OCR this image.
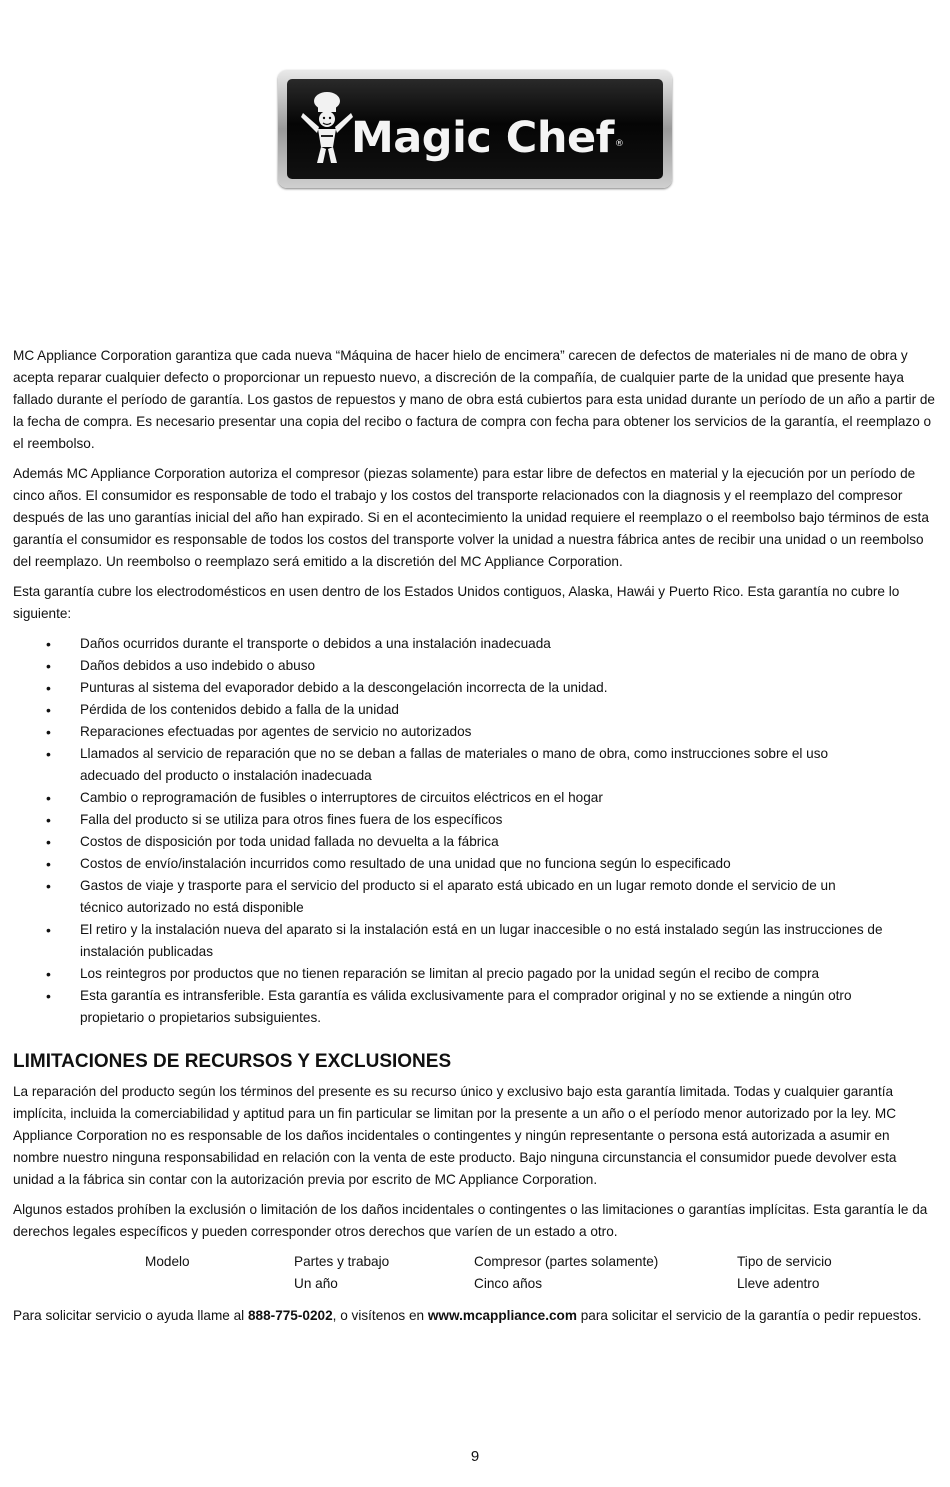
Magic Chef®

MC Appliance Corporation garantiza que cada nueva “Máquina de hacer hielo de encimera” carecen de defectos de materiales ni de mano de obra y acepta reparar cualquier defecto o proporcionar un repuesto nuevo, a discreción de la compañía, de cualquier parte de la unidad que presente haya fallado durante el período de garantía. Los gastos de repuestos y mano de obra está cubiertos para esta unidad durante un período de un año a partir de la fecha de compra. Es necesario presentar una copia del recibo o factura de compra con fecha para obtener los servicios de la garantía, el reemplazo o el reembolso.

Además MC Appliance Corporation autoriza el compresor (piezas solamente) para estar libre de defectos en material y la ejecución por un período de cinco años. El consumidor es responsable de todo el trabajo y los costos del transporte relacionados con la diagnosis y el reemplazo del compresor después de las uno garantías inicial del año han expirado. Si en el acontecimiento la unidad requiere el reemplazo o el reembolso bajo términos de esta garantía el consumidor es responsable de todos los costos del transporte volver la unidad a nuestra fábrica antes de recibir una unidad o un reembolso del reemplazo. Un reembolso o reemplazo será emitido a la discretión del MC Appliance Corporation.

Esta garantía cubre los electrodomésticos en usen dentro de los Estados Unidos contiguos, Alaska, Hawái y Puerto Rico. Esta garantía no cubre lo siguiente:

• Daños ocurridos durante el transporte o debidos a una instalación inadecuada
• Daños debidos a uso indebido o abuso
• Punturas al sistema del evaporador debido a la descongelación incorrecta de la unidad.
• Pérdida de los contenidos debido a falla de la unidad
• Reparaciones efectuadas por agentes de servicio no autorizados
• Llamados al servicio de reparación que no se deban a fallas de materiales o mano de obra, como instrucciones sobre el uso adecuado del producto o instalación inadecuada
• Cambio o reprogramación de fusibles o interruptores de circuitos eléctricos en el hogar
• Falla del producto si se utiliza para otros fines fuera de los específicos
• Costos de disposición por toda unidad fallada no devuelta a la fábrica
• Costos de envío/instalación incurridos como resultado de una unidad que no funciona según lo especificado
• Gastos de viaje y trasporte para el servicio del producto si el aparato está ubicado en un lugar remoto donde el servicio de un técnico autorizado no está disponible
• El retiro y la instalación nueva del aparato si la instalación está en un lugar inaccesible o no está instalado según las instrucciones de instalación publicadas
• Los reintegros por productos que no tienen reparación se limitan al precio pagado por la unidad según el recibo de compra
• Esta garantía es intransferible. Esta garantía es válida exclusivamente para el comprador original y no se extiende a ningún otro propietario o propietarios subsiguientes.
LIMITACIONES DE RECURSOS Y EXCLUSIONES

La reparación del producto según los términos del presente es su recurso único y exclusivo bajo esta garantía limitada. Todas y cualquier garantía implícita, incluida la comerciabilidad y aptitud para un fin particular se limitan por la presente a un año o el período menor autorizado por la ley. MC Appliance Corporation no es responsable de los daños incidentales o contingentes y ningún representante o persona está autorizada a asumir en nombre nuestro ninguna responsabilidad en relación con la venta de este producto. Bajo ninguna circunstancia el consumidor puede devolver esta unidad a la fábrica sin contar con la autorización previa por escrito de MC Appliance Corporation.

Algunos estados prohíben la exclusión o limitación de los daños incidentales o contingentes o las limitaciones o garantías implícitas. Esta garantía le da derechos legales específicos y pueden corresponder otros derechos que varíen de un estado a otro.

Modelo	Partes y trabajo
Un año
Compresor (partes solamente)
Cinco años
Tipo de servicio
Lleve adentro

Para solicitar servicio o ayuda llame al 888-775-0202, o visítenos en www.mcappliance.com para solicitar el servicio de la garantía o pedir repuestos.

9
